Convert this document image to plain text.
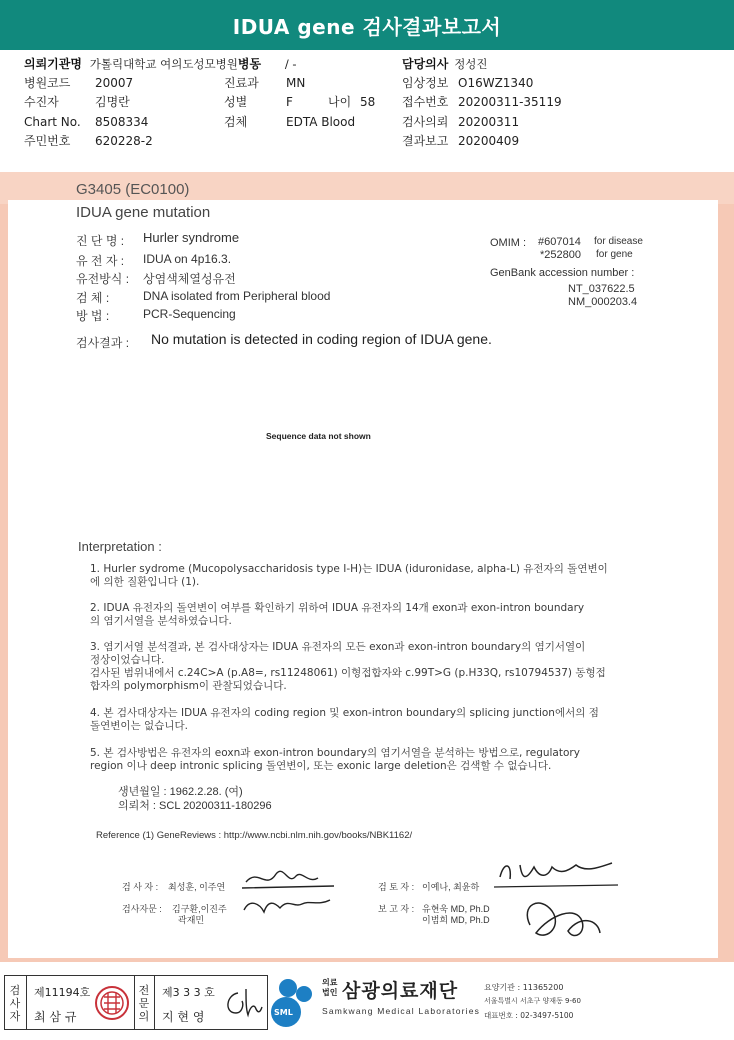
IDUA gene 검사결과보고서
의뢰기관명 가톨릭대학교 여의도성모병원병동 / -	담당의사 정성진
병원코드 20007	진료과 MN	임상정보 O16WZ1340
수진자	김명란	성별	F	나이 58 접수번호 20200311-35119
Chart No. 8508334	검체	EDTA Blood	검사의뢰 20200311
주민번호 620228-2	결과보고 20200409
G3405 (EC0100)
IDUA gene mutation
진 단 명 : Hurler syndrome
유 전 자 : IDUA on 4p16.3.
유전방식 : 상염색체열성유전
검 체 :	DNA isolated from Peripheral blood
방 법 :	PCR-Sequencing
OMIM : #607014 for disease
*252800 for gene
GenBank accession number :
NT_037622.5
NM_000203.4
검사결과 : No mutation is detected in coding region of IDUA gene.
Sequence data not shown
Interpretation :
1. Hurler sydrome (Mucopolysaccharidosis type I-H)는 IDUA (iduronidase, alpha-L) 유전자의 돌연변이
에 의한 질환입니다 (1).
2. IDUA 유전자의 돌연변이 여부를 확인하기 위하여 IDUA 유전자의 14개 exon과 exon-intron boundary
의 염기서열을 분석하였습니다.
3. 염기서열 분석결과, 본 검사대상자는 IDUA 유전자의 모든 exon과 exon-intron boundary의 염기서열이
정상이었습니다.
검사된 범위내에서 c.24C>A (p.A8=, rs11248061) 이형접합자와 c.99T>G (p.H33Q, rs10794537) 동형접
합자의 polymorphism이 관찰되었습니다.
4. 본 검사대상자는 IDUA 유전자의 coding region 및 exon-intron boundary의 splicing junction에서의 점
돌연변이는 없습니다.
5. 본 검사방법은 유전자의 eoxn과 exon-intron boundary의 염기서열을 분석하는 방법으로, regulatory
region 이나 deep intronic splicing 돌연변이, 또는 exonic large deletion은 검색할 수 없습니다.
생년월일 : 1962.2.28. (여)
의뢰처 : SCL 20200311-180296
Reference (1) GeneReviews : http://www.ncbi.nlm.nih.gov/books/NBK1162/
검 사 자 : 최성훈, 이주연	검 토 자 : 이예나, 최윤하
검사자문 : 김구환,이진주
곽재민
보 고 자 : 유현욱 MD, Ph.D
이범희 MD, Ph.D
검사자
제11194호
최 삼 규
전문의
제3 3 3 호
지 현 영	SML
의료법인 삼광의료재단
Samkwang Medical Laboratories
요양기관 : 11365200
서울특별시 서초구 양재동 9-60
대표번호 : 02-3497-5100
